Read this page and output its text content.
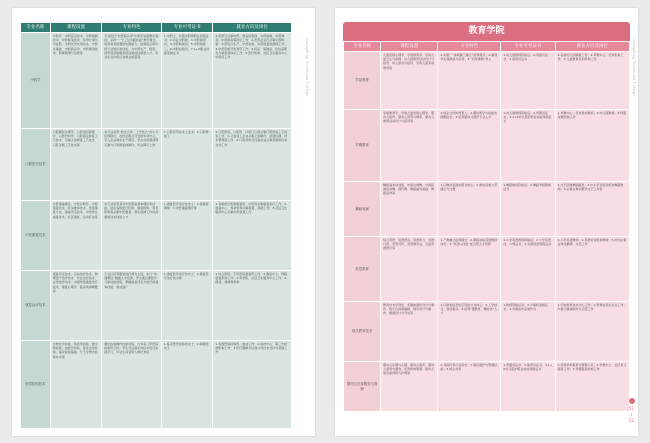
专业名称	课程设置	专业特色	专业可考证书	就业方向及岗位
中药学	中药学、中药鉴定技术、中药炮制技术、中药制剂技术、实用方剂与中成药、中药化学实用技术、中医学基础、中药商品学、中药调剂技术、药事管理与法规等	专业依托“校医院共享”中药学实践教学基地，采用“一个工位实践技能”教学模式，培养具有较强的实践能力，能熟练运用中药专业知识和技能，为中药生产、经营、使用等领域服务的高素质技能型人才，毕业生在中药行业就业质量高	1.中药士、初级中药师职业资格证书；2.执业中药师；3.中药调剂员；4.中药购销员；5.中药炮制工；6.中药检验员；7.1+X职业技能等级证书	1.医药可从事中药、药品的鉴别、中药炮制、中药调剂、中药制剂等岗位工作；2.医药企业可从事中药购销、中药饮片生产、中药检验、中药质量检测等工作；3.中药资源开发利用工作；4.药品、保健品、化妆品研发与销售等岗位工作；5.医疗机构、社区卫生服务中心中药房工作
口腔医学技术	口腔解剖生理学、口腔组织病理学、口腔材料学、口腔固定修复工艺技术、可摘义齿修复工艺技术、口腔正畸工艺技术等	本专业采用“校企合作、工学结合”的人才培养模式，在校企联合开发的实训中心，引入企业真实生产项目，学生在校期间即可参与口腔修复体制作，毕业即可上岗	1.口腔医学技术士证书；2.口腔修复工	1.口腔医院、口腔科、口腔门诊部从事口腔修复工艺技术工作；2.义齿加工企业从事义齿制作、质量检测、技术管理等工作；3.口腔材料及设备企业从事营销和技术支持工作
中医康复技术	中医基础理论、中医诊断学、中医康复技术、针灸推拿技术、传统康复方法、康复评定技术、中医养生康复技术、社区康复、运动疗法等	本专业培养具有中医康复基本理论和技能，能在各级医疗机构、康复机构、养老机构等从事中医康复、养生保健工作的高素质技术技能人才	1.康复医学治疗技术士；2.保健按摩师；3.中医康复理疗师	1.各级医疗机构康复科、中医科从事康复治疗工作；2.康复中心、养老机构从事康复、保健工作；3.社区卫生服务中心从事中医康复工作
康复治疗技术	康复评定技术、运动治疗技术、物理因子治疗技术、作业治疗技术、言语治疗技术、中国传统康复治疗技术、康复心理学、临床疾病概要等	专业以培养康复治疗师为主线，实行“岗课赛证”融通人才培养，学生通过课程学习和技能训练，掌握康复评定与治疗的基本技能，就业面广	1.康复医学治疗技术士；2.康复医学治疗技术师	1.综合医院、专科医院康复科工作；2.康复中心、残联康复机构工作；3.养老院、社区卫生服务中心工作；4.健身、保健等机构
医学检验技术	生物化学检验、免疫学检验、微生物检验、血液学检验、寄生虫学检验、临床检验基础、分子生物学检验技术等	强化检验操作技能训练，与多家三甲医院检验科合作，学生可在真实岗位中进行实践学习，毕业生深受用人单位欢迎	1.临床医学检验技术士；2.病理技术士	1.各级医院检验科、血站工作；2.疾控中心、第三方检测机构工作；3.医疗器械与试剂公司技术支持与营销工作
Guangdong Vocational College
教育学院
专业名称	课程设置	专业特色	专业可考证书	就业方向及岗位
学前教育	儿童发展心理学、学前教育学、学前儿童卫生与保健、幼儿园教育活动设计与指导、幼儿游戏与指导、学前儿童家庭教育等	1.实施“一体两翼三融合”培养模式；2.重视学生保教能力培养；3.“双导师制”育人	1.幼儿园教师资格证；2.育婴员证书；3.保育员证书	1.各类幼儿园保教工作；2.早教中心、托育机构工作；3.儿童教育培训机构工作
早期教育	学前教育学、学前儿童发展心理学、婴幼儿保育、婴幼儿营养与喂养、婴幼儿教养活动设计与指导等	1.校企合作协同育人；2.理论教学与技能实践相结合；3.培养婴幼儿照护专业人才	1.幼儿园教师资格证；2.育婴员证书；3.1+X幼儿照护职业技能等级证书	1.早教中心、托育机构教师；2.幼儿园教师；3.母婴保健机构工作
舞蹈表演	舞蹈基本功训练、中国古典舞、中国民族民间舞、现代舞、舞蹈编导基础、舞蹈鉴赏等	1.以舞台表演实践为核心；2.参加各类大型演出与比赛	1.舞蹈教师资格证；2.舞蹈考级教师证书	1.文艺团体舞蹈演员；2.中小学及培训机构舞蹈教师；3.企事业单位群众文艺工作者
英语教育	综合英语、英语语音、英语听力、英语口语、英语写作、英语教学法、儿童英语教学等	1.产教融合培养模式；2.课程对接英语教师岗位；3.“英语+技能”复合型人才培养	1.小学英语教师资格证；2.大学英语四、六级证书；3.全国英语等级证书	1.小学英语教师；2.英语培训机构教师；3.涉外企事业单位翻译、文员工作
现代教育技术	教育技术学导论、多媒体课件设计与制作、数字音视频编辑、网页设计与制作、微课设计与开发等	1.以教育信息化应用能力为核心；2.工学结合、项目驱动；3.培养“懂教育、精技术”人才	1.教师资格证书；2.计算机等级证书；3.多媒体作品制作员	1.学校教育技术中心工作；2.教育信息化企业工作；3.数字媒体制作与运营工作
婴幼儿托育服务与管理	婴幼儿生理与心理、婴幼儿保育、婴幼儿营养与膳食、托育机构管理、婴幼儿常见病预防与护理等	1.对接托育行业需求；2.强化照护与管理技能；3.校企共育	1.育婴员证书；2.保育员证书；3.1+X幼儿照护职业技能等级证书	1.托育机构保育与管理人员；2.早教中心、社区育儿服务工作；3.母婴服务机构工作
Guangdong Vocational College
51 / 52
